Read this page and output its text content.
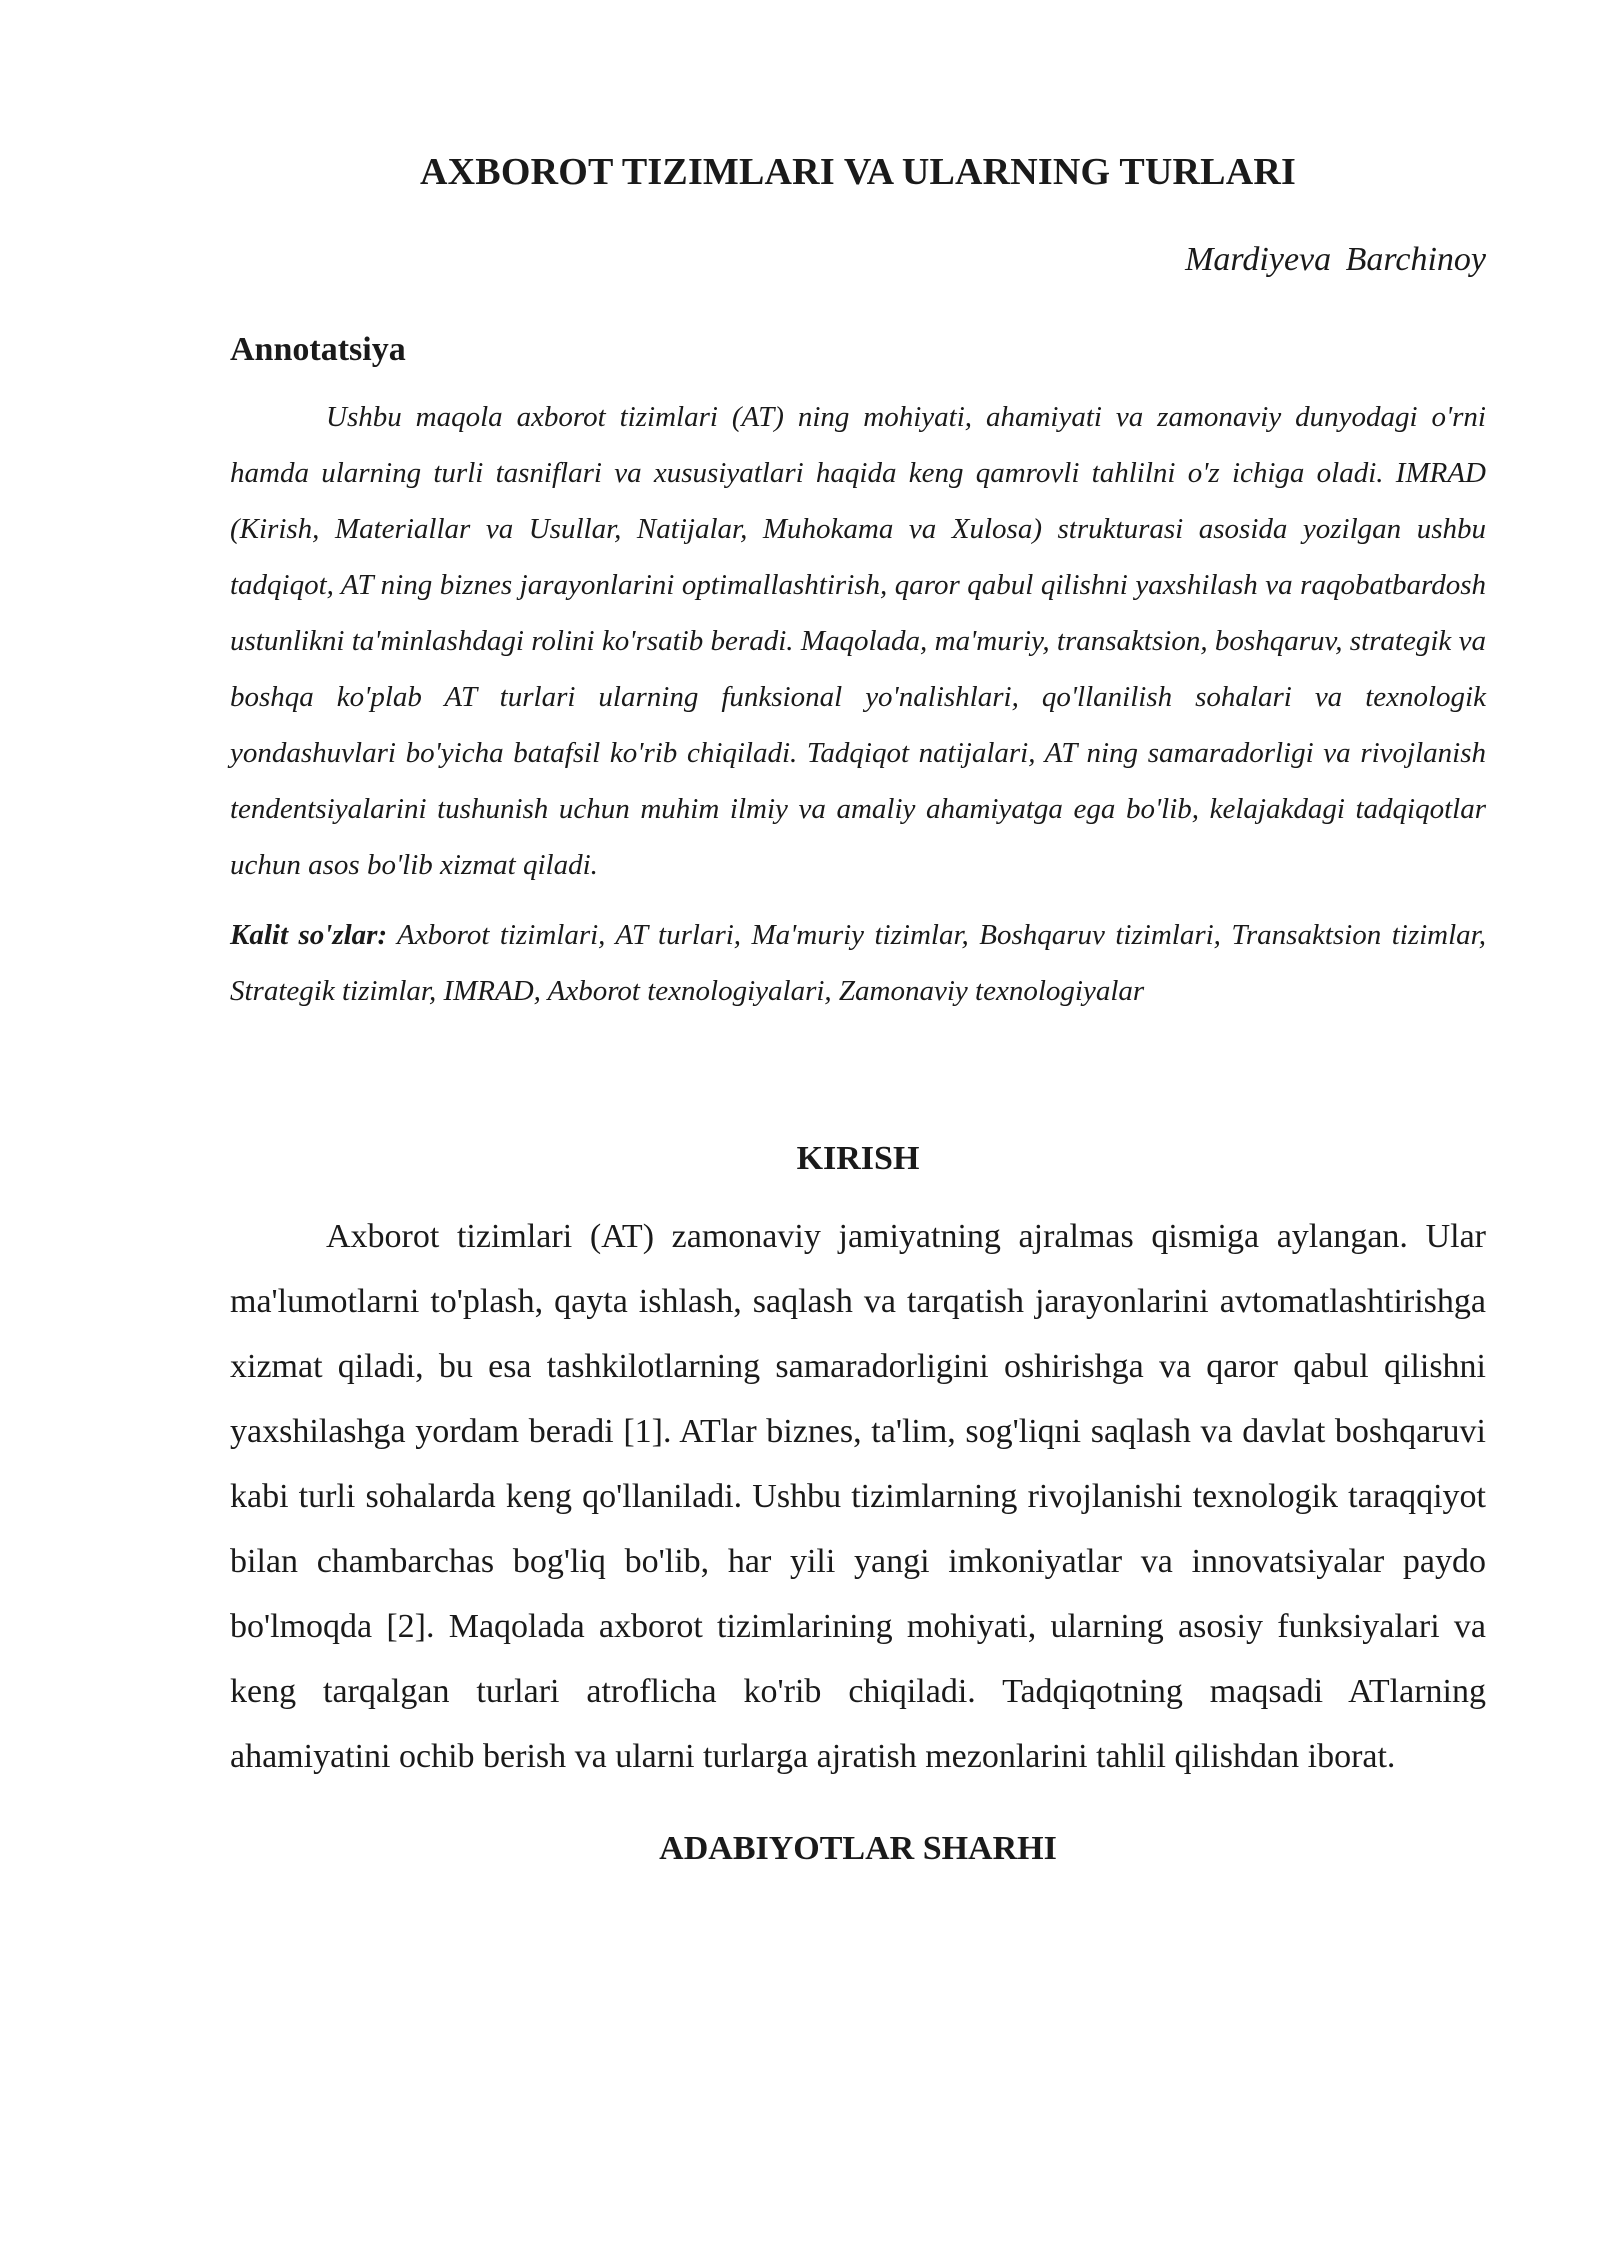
AXBOROT TIZIMLARI VA ULARNING TURLARI
Mardiyeva Barchinoy
Annotatsiya

Ushbu maqola axborot tizimlari (AT) ning mohiyati, ahamiyati va zamonaviy dunyodagi o'rni hamda ularning turli tasniflari va xususiyatlari haqida keng qamrovli tahlilni o'z ichiga oladi. IMRAD (Kirish, Materiallar va Usullar, Natijalar, Muhokama va Xulosa) strukturasi asosida yozilgan ushbu tadqiqot, AT ning biznes jarayonlarini optimallashtirish, qaror qabul qilishni yaxshilash va raqobatbardosh ustunlikni ta'minlashdagi rolini ko'rsatib beradi. Maqolada, ma'muriy, transaktsion, boshqaruv, strategik va boshqa ko'plab AT turlari ularning funksional yo'nalishlari, qo'llanilish sohalari va texnologik yondashuvlari bo'yicha batafsil ko'rib chiqiladi. Tadqiqot natijalari, AT ning samaradorligi va rivojlanish tendentsiyalarini tushunish uchun muhim ilmiy va amaliy ahamiyatga ega bo'lib, kelajakdagi tadqiqotlar uchun asos bo'lib xizmat qiladi.

Kalit so'zlar: Axborot tizimlari, AT turlari, Ma'muriy tizimlar, Boshqaruv tizimlari, Transaktsion tizimlar, Strategik tizimlar, IMRAD, Axborot texnologiyalari, Zamonaviy texnologiyalar

KIRISH

Axborot tizimlari (AT) zamonaviy jamiyatning ajralmas qismiga aylangan. Ular ma'lumotlarni to'plash, qayta ishlash, saqlash va tarqatish jarayonlarini avtomatlashtirishga xizmat qiladi, bu esa tashkilotlarning samaradorligini oshirishga va qaror qabul qilishni yaxshilashga yordam beradi [1]. ATlar biznes, ta'lim, sog'liqni saqlash va davlat boshqaruvi kabi turli sohalarda keng qo'llaniladi. Ushbu tizimlarning rivojlanishi texnologik taraqqiyot bilan chambarchas bog'liq bo'lib, har yili yangi imkoniyatlar va innovatsiyalar paydo bo'lmoqda [2]. Maqolada axborot tizimlarining mohiyati, ularning asosiy funksiyalari va keng tarqalgan turlari atroflicha ko'rib chiqiladi. Tadqiqotning maqsadi ATlarning ahamiyatini ochib berish va ularni turlarga ajratish mezonlarini tahlil qilishdan iborat.

ADABIYOTLAR SHARHI
